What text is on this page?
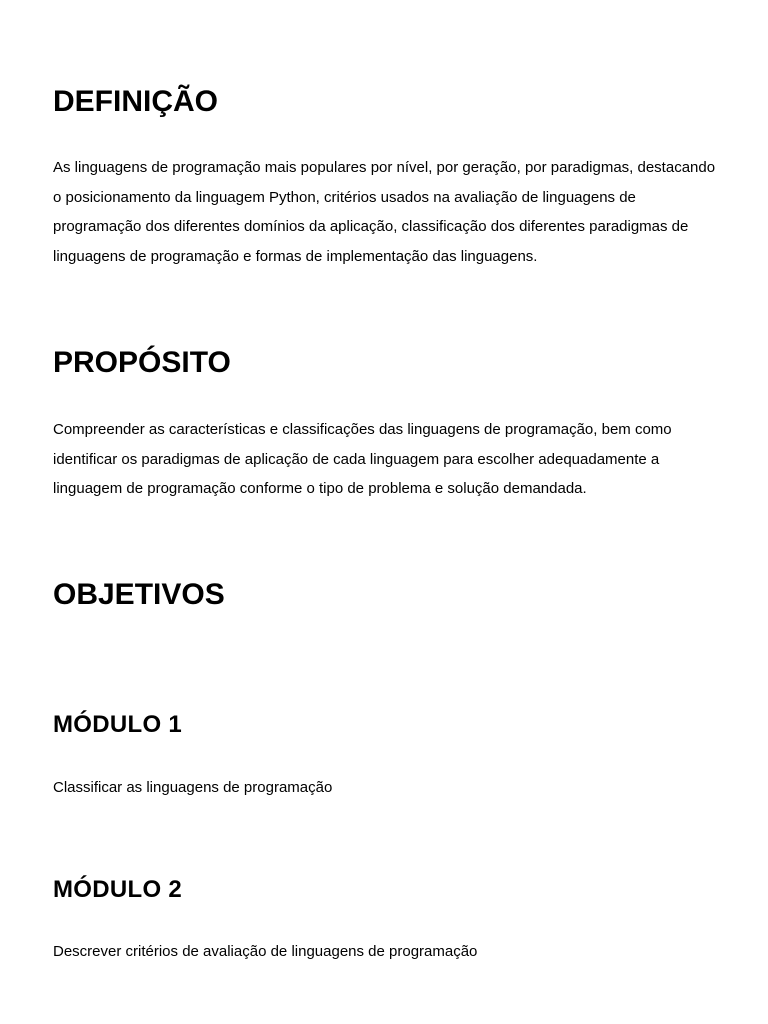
DEFINIÇÃO

As linguagens de programação mais populares por nível, por geração, por paradigmas, destacando o posicionamento da linguagem Python, critérios usados na avaliação de linguagens de programação dos diferentes domínios da aplicação, classificação dos diferentes paradigmas de linguagens de programação e formas de implementação das linguagens.

PROPÓSITO

Compreender as características e classificações das linguagens de programação, bem como identificar os paradigmas de aplicação de cada linguagem para escolher adequadamente a linguagem de programação conforme o tipo de problema e solução demandada.

OBJETIVOS
MÓDULO 1

Classificar as linguagens de programação

MÓDULO 2

Descrever critérios de avaliação de linguagens de programação
